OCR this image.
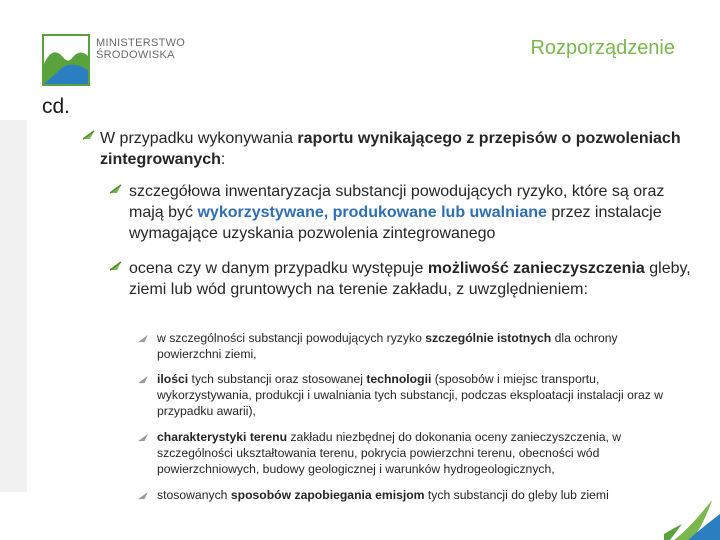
MINISTERSTWO
ŚRODOWISKA	Rozporządzenie
cd.
W przypadku wykonywania raportu wynikającego z przepisów o pozwoleniach zintegrowanych:
szczegółowa inwentaryzacja substancji powodujących ryzyko, które są oraz mają być wykorzystywane, produkowane lub uwalniane przez instalacje wymagające uzyskania pozwolenia zintegrowanego
ocena czy w danym przypadku występuje możliwość zanieczyszczenia gleby, ziemi lub wód gruntowych na terenie zakładu, z uwzględnieniem:
w szczególności substancji powodujących ryzyko szczególnie istotnych dla ochrony powierzchni ziemi,
ilości tych substancji oraz stosowanej technologii (sposobów i miejsc transportu, wykorzystywania, produkcji i uwalniania tych substancji, podczas eksploatacji instalacji oraz w przypadku awarii),
charakterystyki terenu zakładu niezbędnej do dokonania oceny zanieczyszczenia, w szczególności ukształtowania terenu, pokrycia powierzchni terenu, obecności wód powierzchniowych, budowy geologicznej i warunków hydrogeologicznych,
stosowanych sposobów zapobiegania emisjom tych substancji do gleby lub ziemi
